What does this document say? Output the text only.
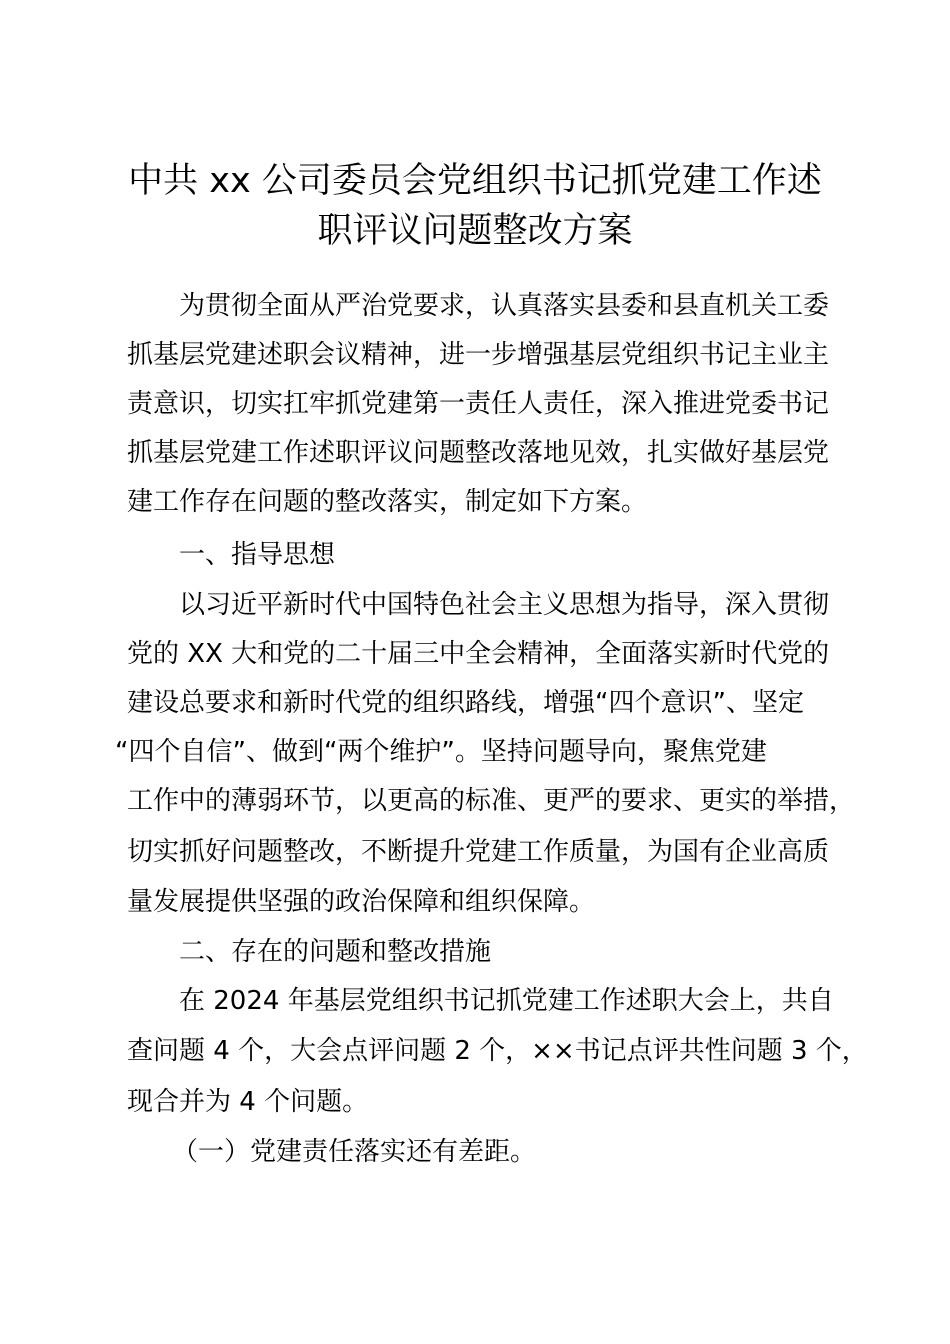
中共 xx 公司委员会党组织书记抓党建工作述
职评议问题整改方案

为贯彻全面从严治党要求，认真落实县委和县直机关工委

抓基层党建述职会议精神，进一步增强基层党组织书记主业主

责意识，切实扛牢抓党建第一责任人责任，深入推进党委书记

抓基层党建工作述职评议问题整改落地见效，扎实做好基层党

建工作存在问题的整改落实，制定如下方案。

一、指导思想

以习近平新时代中国特色社会主义思想为指导，深入贯彻

党的 XX 大和党的二十届三中全会精神，全面落实新时代党的

建设总要求和新时代党的组织路线，增强“四个意识”、坚定

“四个自信”、做到“两个维护”。坚持问题导向，聚焦党建

工作中的薄弱环节，以更高的标准、更严的要求、更实的举措，

切实抓好问题整改，不断提升党建工作质量，为国有企业高质

量发展提供坚强的政治保障和组织保障。

二、存在的问题和整改措施

在 2024 年基层党组织书记抓党建工作述职大会上，共自

查问题 4 个，大会点评问题 2 个，××书记点评共性问题 3 个，

现合并为 4 个问题。

（一）党建责任落实还有差距。
